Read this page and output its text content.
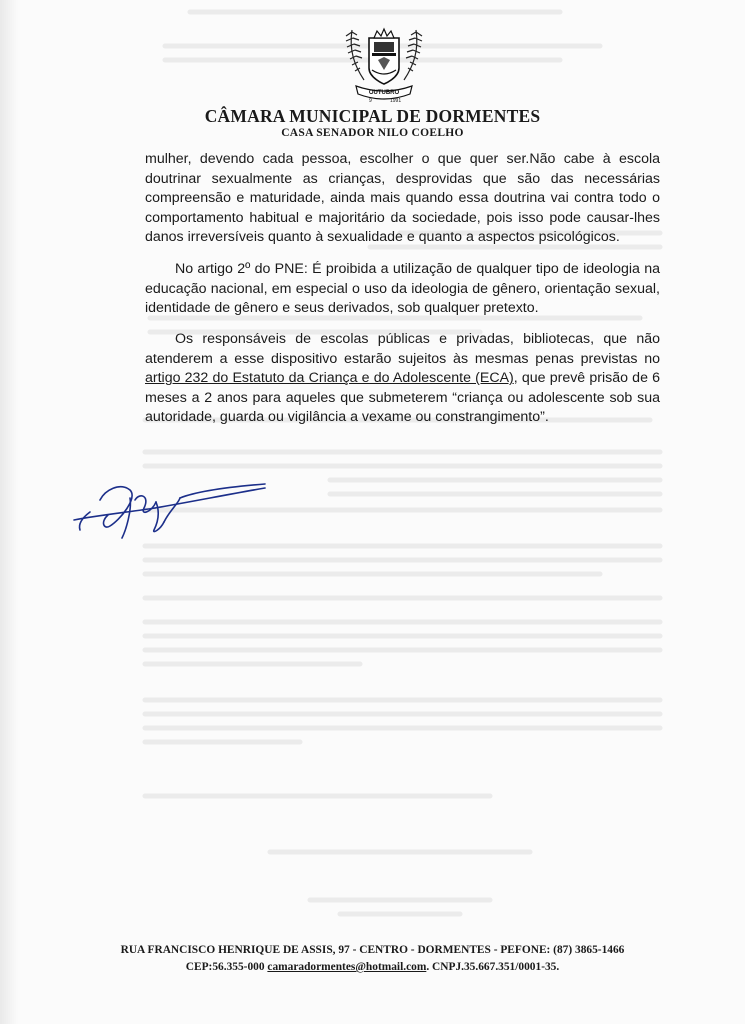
OUTUBRO
9	1991
CÂMARA MUNICIPAL DE DORMENTES
CASA SENADOR NILO COELHO
mulher, devendo cada pessoa, escolher o que quer ser.Não cabe à escola doutrinar sexualmente as crianças, desprovidas que são das necessárias compreensão e maturidade, ainda mais quando essa doutrina vai contra todo o comportamento habitual e majoritário da sociedade, pois isso pode causar-lhes danos irreversíveis quanto à sexualidade e quanto a aspectos psicológicos.
No artigo 2º do PNE: É proibida a utilização de qualquer tipo de ideologia na educação nacional, em especial o uso da ideologia de gênero, orientação sexual, identidade de gênero e seus derivados, sob qualquer pretexto.
Os responsáveis de escolas públicas e privadas, bibliotecas, que não atenderem a esse dispositivo estarão sujeitos às mesmas penas previstas no artigo 232 do Estatuto da Criança e do Adolescente (ECA), que prevê prisão de 6 meses a 2 anos para aqueles que submeterem “criança ou adolescente sob sua autoridade, guarda ou vigilância a vexame ou constrangimento”.
RUA FRANCISCO HENRIQUE DE ASSIS, 97 - CENTRO - DORMENTES - PEFONE: (87) 3865-1466
CEP:56.355-000 camaradormentes@hotmail.com. CNPJ.35.667.351/0001-35.
